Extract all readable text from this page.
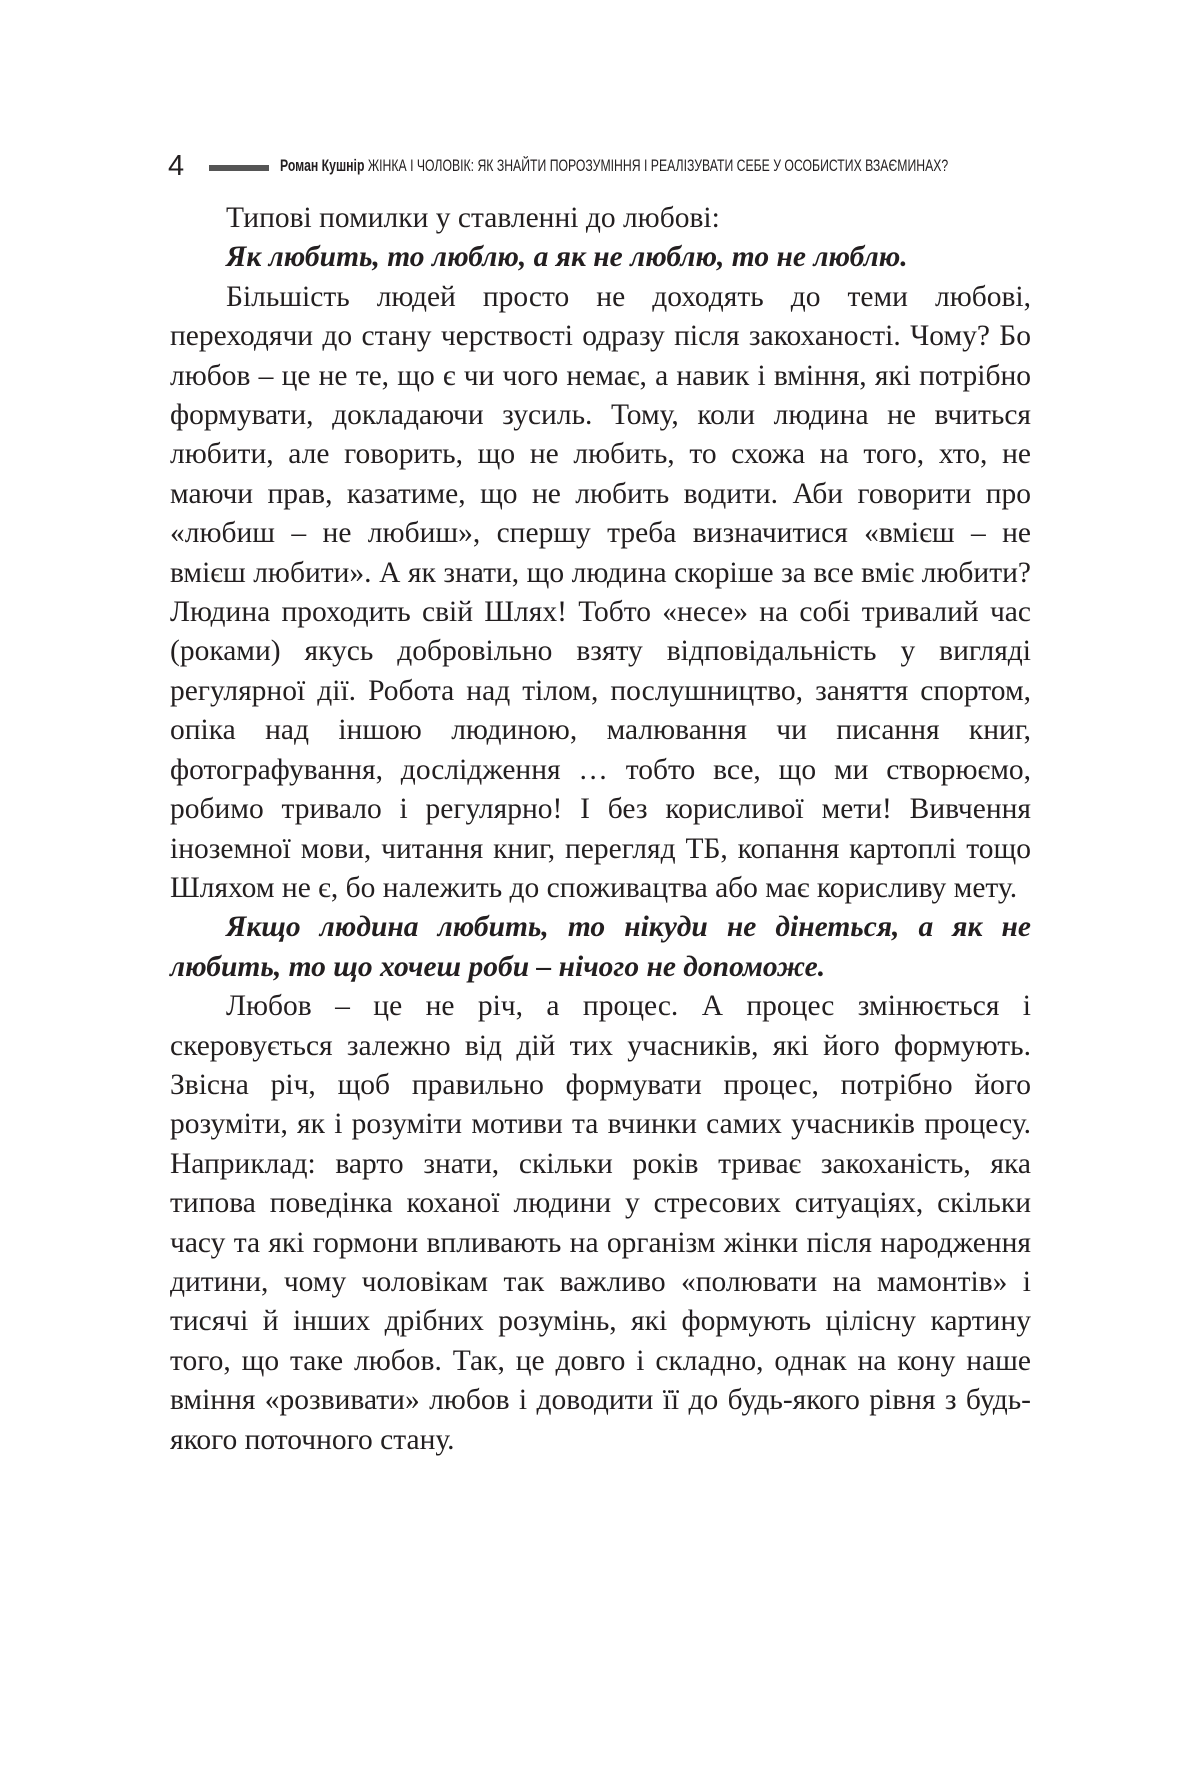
4	Роман Кушнір ЖІНКА І ЧОЛОВІК: ЯК ЗНАЙТИ ПОРОЗУМІННЯ І РЕАЛІЗУВАТИ СЕБЕ У ОСОБИСТИХ ВЗАЄМИНАХ?

Типові помилки у ставленні до любові:

Як любить, то люблю, а як не люблю, то не люблю.

Більшість людей просто не доходять до теми любові, переходячи до стану черствості одразу після закоханості. Чому? Бо любов – це не те, що є чи чого немає, а навик і вміння, які потрібно формувати, докладаючи зусиль. Тому, коли людина не вчиться любити, але говорить, що не любить, то схожа на того, хто, не маючи прав, казатиме, що не любить водити. Аби говорити про «любиш – не любиш», спершу треба визначитися «вмієш – не вмієш любити». А як знати, що людина скоріше за все вміє любити? Людина проходить свій Шлях! Тобто «несе» на собі тривалий час (роками) якусь добровільно взяту відповідальність у вигляді регулярної дії. Робота над тілом, послушництво, заняття спортом, опіка над іншою людиною, малювання чи писання книг, фотографування, дослідження … тобто все, що ми створюємо, робимо тривало і регулярно! І без корисливої мети! Вивчення іноземної мови, читання книг, перегляд ТБ, копання картоплі тощо Шляхом не є, бо належить до споживацтва або має корисливу мету.

Якщо людина любить, то нікуди не дінеться, а як не любить, то що хочеш роби – нічого не допоможе.

Любов – це не річ, а процес. А процес змінюється і скеровується залежно від дій тих учасників, які його формують. Звісна річ, щоб правильно формувати процес, потрібно його розуміти, як і розуміти мотиви та вчинки самих учасників процесу. Наприклад: варто знати, скільки років триває закоханість, яка типова поведінка коханої людини у стресових ситуаціях, скільки часу та які гормони впливають на організм жінки після народження дитини, чому чоловікам так важливо «полювати на мамонтів» і тисячі й інших дрібних розумінь, які формують цілісну картину того, що таке любов. Так, це довго і складно, однак на кону наше вміння «розвивати» любов і доводити її до будь-якого рівня з будь-якого поточного стану.
